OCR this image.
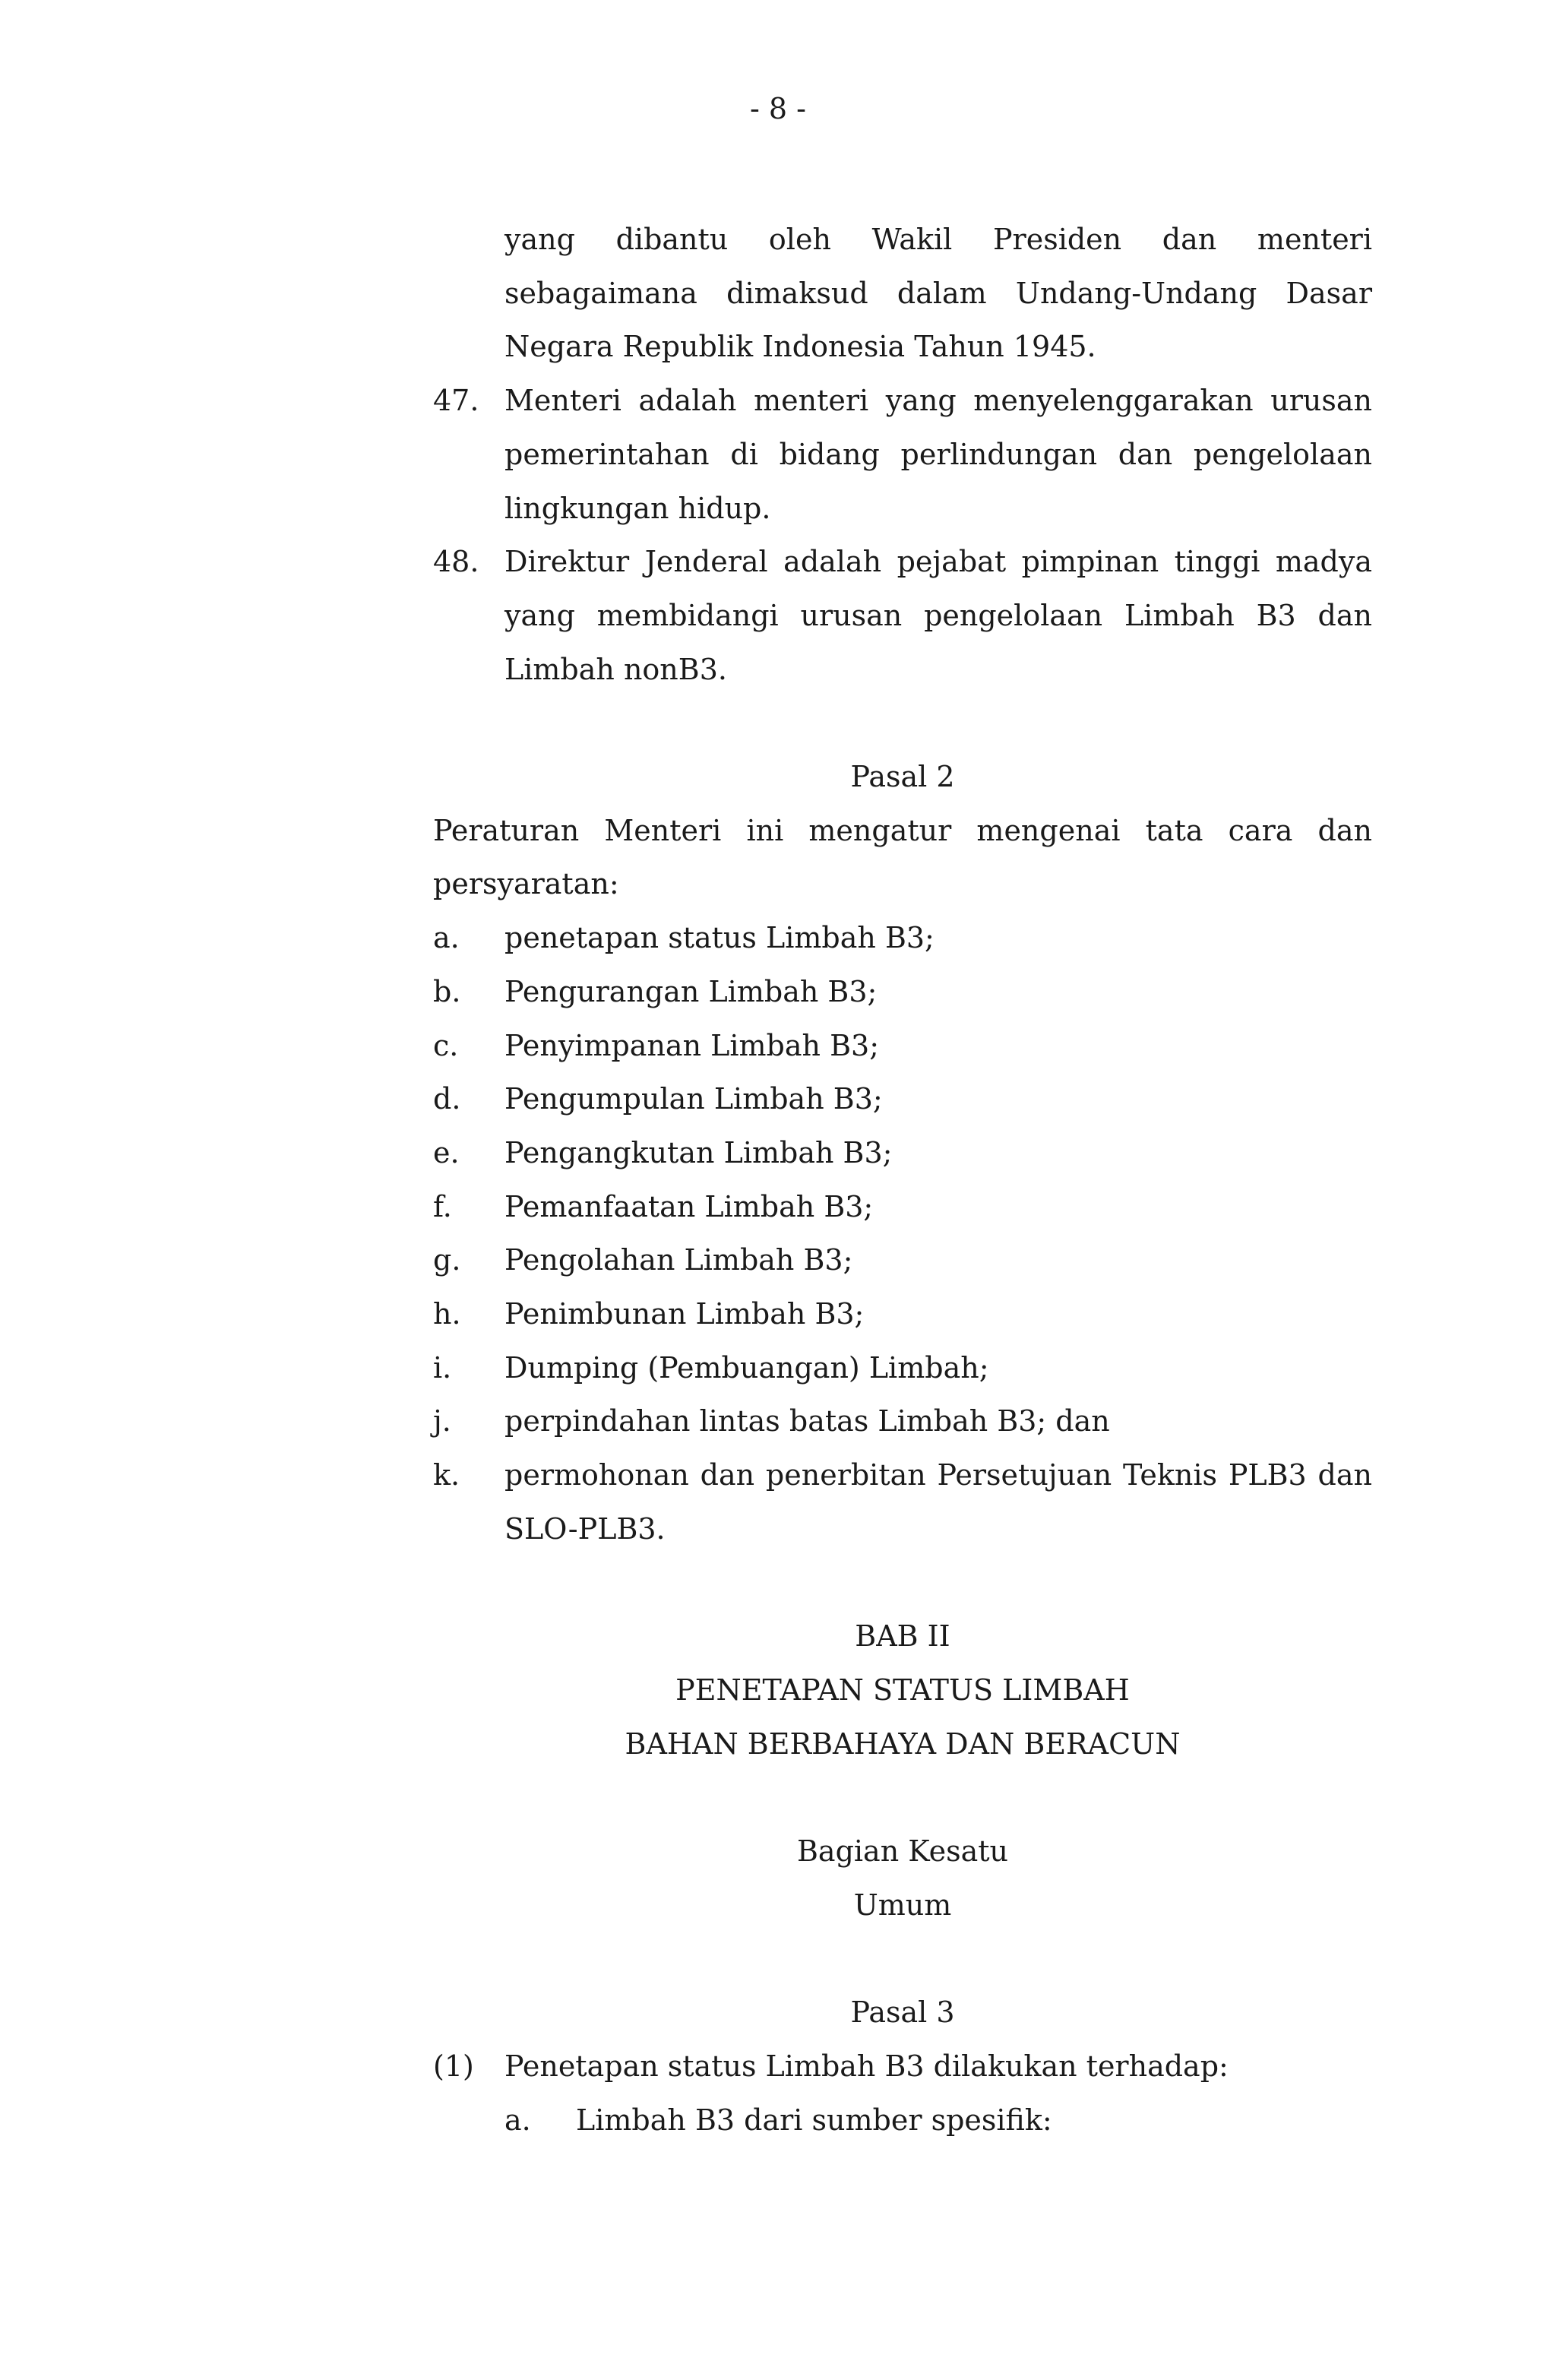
- 8 -
yang dibantu oleh Wakil Presiden dan menteri sebagaimana dimaksud dalam Undang-Undang Dasar Negara Republik Indonesia Tahun 1945.
47. Menteri adalah menteri yang menyelenggarakan urusan pemerintahan di bidang perlindungan dan pengelolaan lingkungan hidup.
48. Direktur Jenderal adalah pejabat pimpinan tinggi madya yang membidangi urusan pengelolaan Limbah B3 dan Limbah nonB3.
Pasal 2
Peraturan Menteri ini mengatur mengenai tata cara dan persyaratan:
a.	penetapan status Limbah B3;
b.	Pengurangan Limbah B3;
c.	Penyimpanan Limbah B3;
d.	Pengumpulan Limbah B3;
e.	Pengangkutan Limbah B3;
f.	Pemanfaatan Limbah B3;
g.	Pengolahan Limbah B3;
h.	Penimbunan Limbah B3;
i.	Dumping (Pembuangan) Limbah;
j.	perpindahan lintas batas Limbah B3; dan
k.	permohonan dan penerbitan Persetujuan Teknis PLB3 dan SLO-PLB3.
BAB II
PENETAPAN STATUS LIMBAH
BAHAN BERBAHAYA DAN BERACUN
Bagian Kesatu
Umum
Pasal 3
(1)	Penetapan status Limbah B3 dilakukan terhadap:
a.	Limbah B3 dari sumber spesifik:
